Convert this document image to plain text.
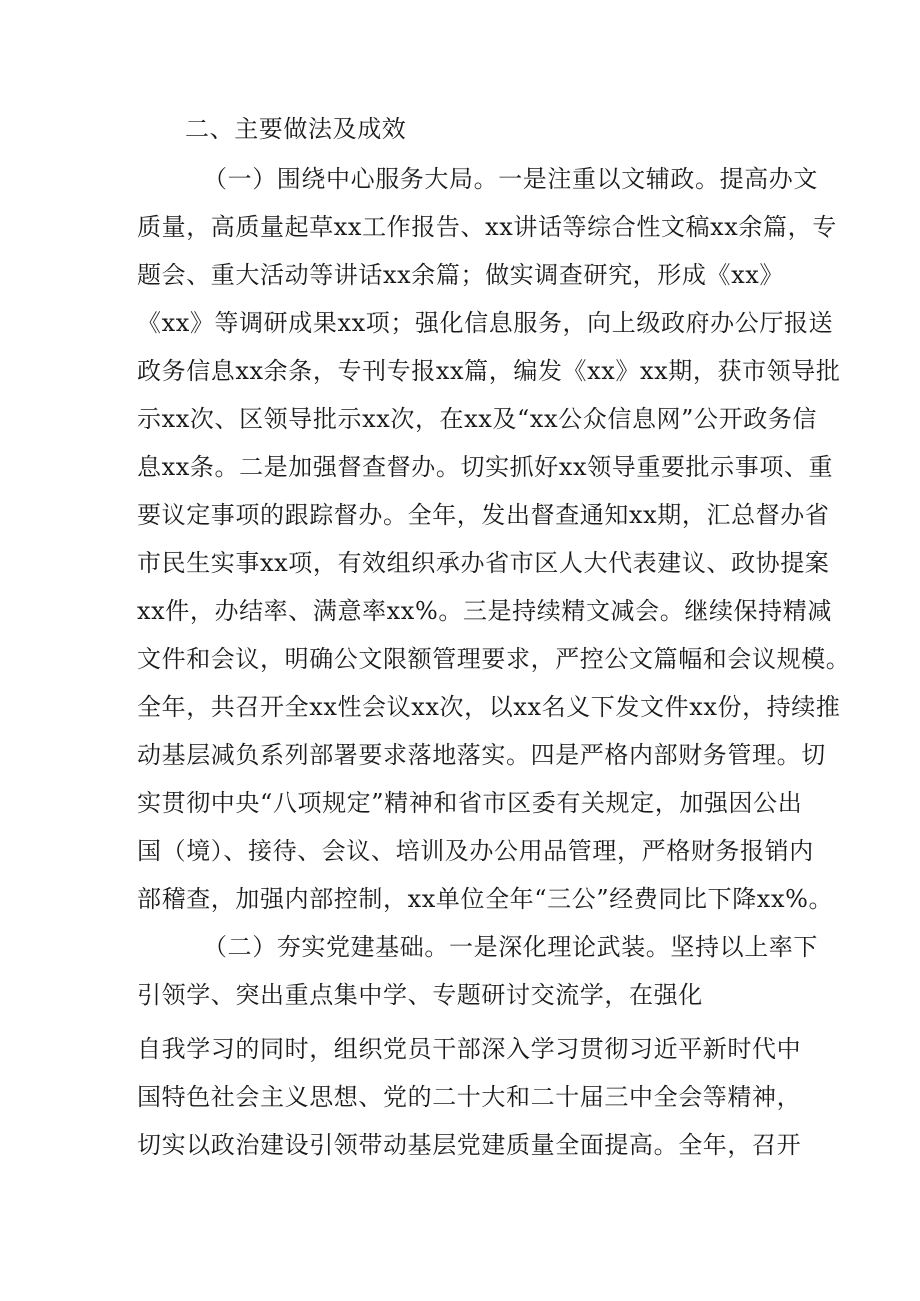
二、主要做法及成效
（一）围绕中心服务大局。一是注重以文辅政。提高办文
质量，高质量起草xx工作报告、xx讲话等综合性文稿xx余篇，专
题会、重大活动等讲话xx余篇；做实调查研究，形成《xx》
《xx》等调研成果xx项；强化信息服务，向上级政府办公厅报送
政务信息xx余条，专刊专报xx篇，编发《xx》xx期，获市领导批
示xx次、区领导批示xx次，在xx及“xx公众信息网”公开政务信
息xx条。二是加强督查督办。切实抓好xx领导重要批示事项、重
要议定事项的跟踪督办。全年，发出督查通知xx期，汇总督办省
市民生实事xx项，有效组织承办省市区人大代表建议、政协提案
xx件，办结率、满意率xx%。三是持续精文减会。继续保持精减
文件和会议，明确公文限额管理要求，严控公文篇幅和会议规模。
全年，共召开全xx性会议xx次，以xx名义下发文件xx份，持续推
动基层减负系列部署要求落地落实。四是严格内部财务管理。切
实贯彻中央“八项规定”精神和省市区委有关规定，加强因公出
国（境）、接待、会议、培训及办公用品管理，严格财务报销内
部稽查，加强内部控制，xx单位全年“三公”经费同比下降xx%。
（二）夯实党建基础。一是深化理论武装。坚持以上率下
引领学、突出重点集中学、专题研讨交流学，在强化
自我学习的同时，组织党员干部深入学习贯彻习近平新时代中
国特色社会主义思想、党的二十大和二十届三中全会等精神，
切实以政治建设引领带动基层党建质量全面提高。全年，召开
